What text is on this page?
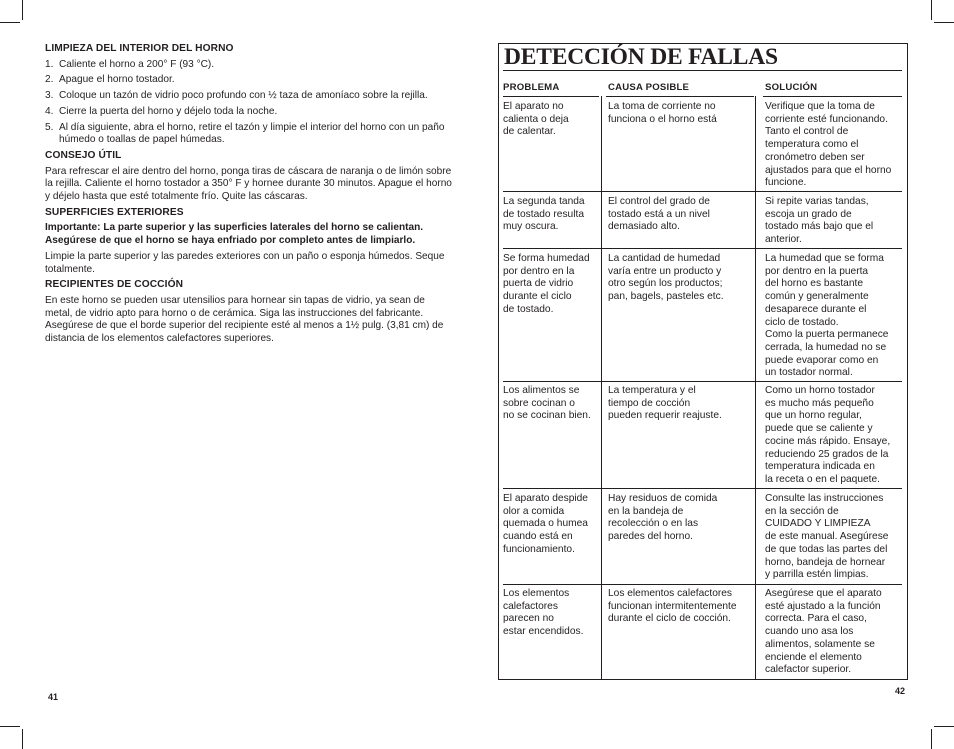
LIMPIEZA DEL INTERIOR DEL HORNO
1. Caliente el horno a 200° F (93 °C).
2. Apague el horno tostador.
3. Coloque un tazón de vidrio poco profundo con ½ taza de amoníaco sobre la rejilla.
4. Cierre la puerta del horno y déjelo toda la noche.
5. Al día siguiente, abra el horno, retire el tazón y limpie el interior del horno con un paño húmedo o toallas de papel húmedas.
CONSEJO ÚTIL

Para refrescar el aire dentro del horno, ponga tiras de cáscara de naranja o de limón sobre la rejilla. Caliente el horno tostador a 350° F y hornee durante 30 minutos. Apague el horno y déjelo hasta que esté totalmente frío. Quite las cáscaras.

SUPERFICIES EXTERIORES

Importante: La parte superior y las superficies laterales del horno se calientan. Asegúrese de que el horno se haya enfriado por completo antes de limpiarlo.

Limpie la parte superior y las paredes exteriores con un paño o esponja húmedos. Seque totalmente.

RECIPIENTES DE COCCIÓN

En este horno se pueden usar utensilios para hornear sin tapas de vidrio, ya sean de metal, de vidrio apto para horno o de cerámica. Siga las instrucciones del fabricante. Asegúrese de que el borde superior del recipiente esté al menos a 1½ pulg. (3,81 cm) de distancia de los elementos calefactores superiores.

41
DETECCIÓN DE FALLAS
PROBLEMA	CAUSA POSIBLE	SOLUCIÓN
El aparato no
calienta o deja
de calentar.
La toma de corriente no
funciona o el horno está
Verifique que la toma de
corriente esté funcionando.
Tanto el control de
temperatura como el
cronómetro deben ser
ajustados para que el horno
funcione.
La segunda tanda
de tostado resulta
muy oscura.
El control del grado de
tostado está a un nivel
demasiado alto.
Si repite varias tandas,
escoja un grado de
tostado más bajo que el
anterior.
Se forma humedad
por dentro en la
puerta de vidrio
durante el ciclo
de tostado.
La cantidad de humedad
varía entre un producto y
otro según los productos;
pan, bagels, pasteles etc.
La humedad que se forma
por dentro en la puerta
del horno es bastante
común y generalmente
desaparece durante el
ciclo de tostado.
Como la puerta permanece
cerrada, la humedad no se
puede evaporar como en
un tostador normal.
Los alimentos se
sobre cocinan o
no se cocinan bien.
La temperatura y el
tiempo de cocción
pueden requerir reajuste.
Como un horno tostador
es mucho más pequeño
que un horno regular,
puede que se caliente y
cocine más rápido. Ensaye,
reduciendo 25 grados de la
temperatura indicada en
la receta o en el paquete.
El aparato despide
olor a comida
quemada o humea
cuando está en
funcionamiento.
Hay residuos de comida
en la bandeja de
recolección o en las
paredes del horno.
Consulte las instrucciones
en la sección de
CUIDADO Y LIMPIEZA
de este manual. Asegúrese
de que todas las partes del
horno, bandeja de hornear
y parrilla estén limpias.
Los elementos
calefactores
parecen no
estar encendidos.
Los elementos calefactores
funcionan intermitentemente
durante el ciclo de cocción.
Asegúrese que el aparato
esté ajustado a la función
correcta. Para el caso,
cuando uno asa los
alimentos, solamente se
enciende el elemento
calefactor superior.
42
